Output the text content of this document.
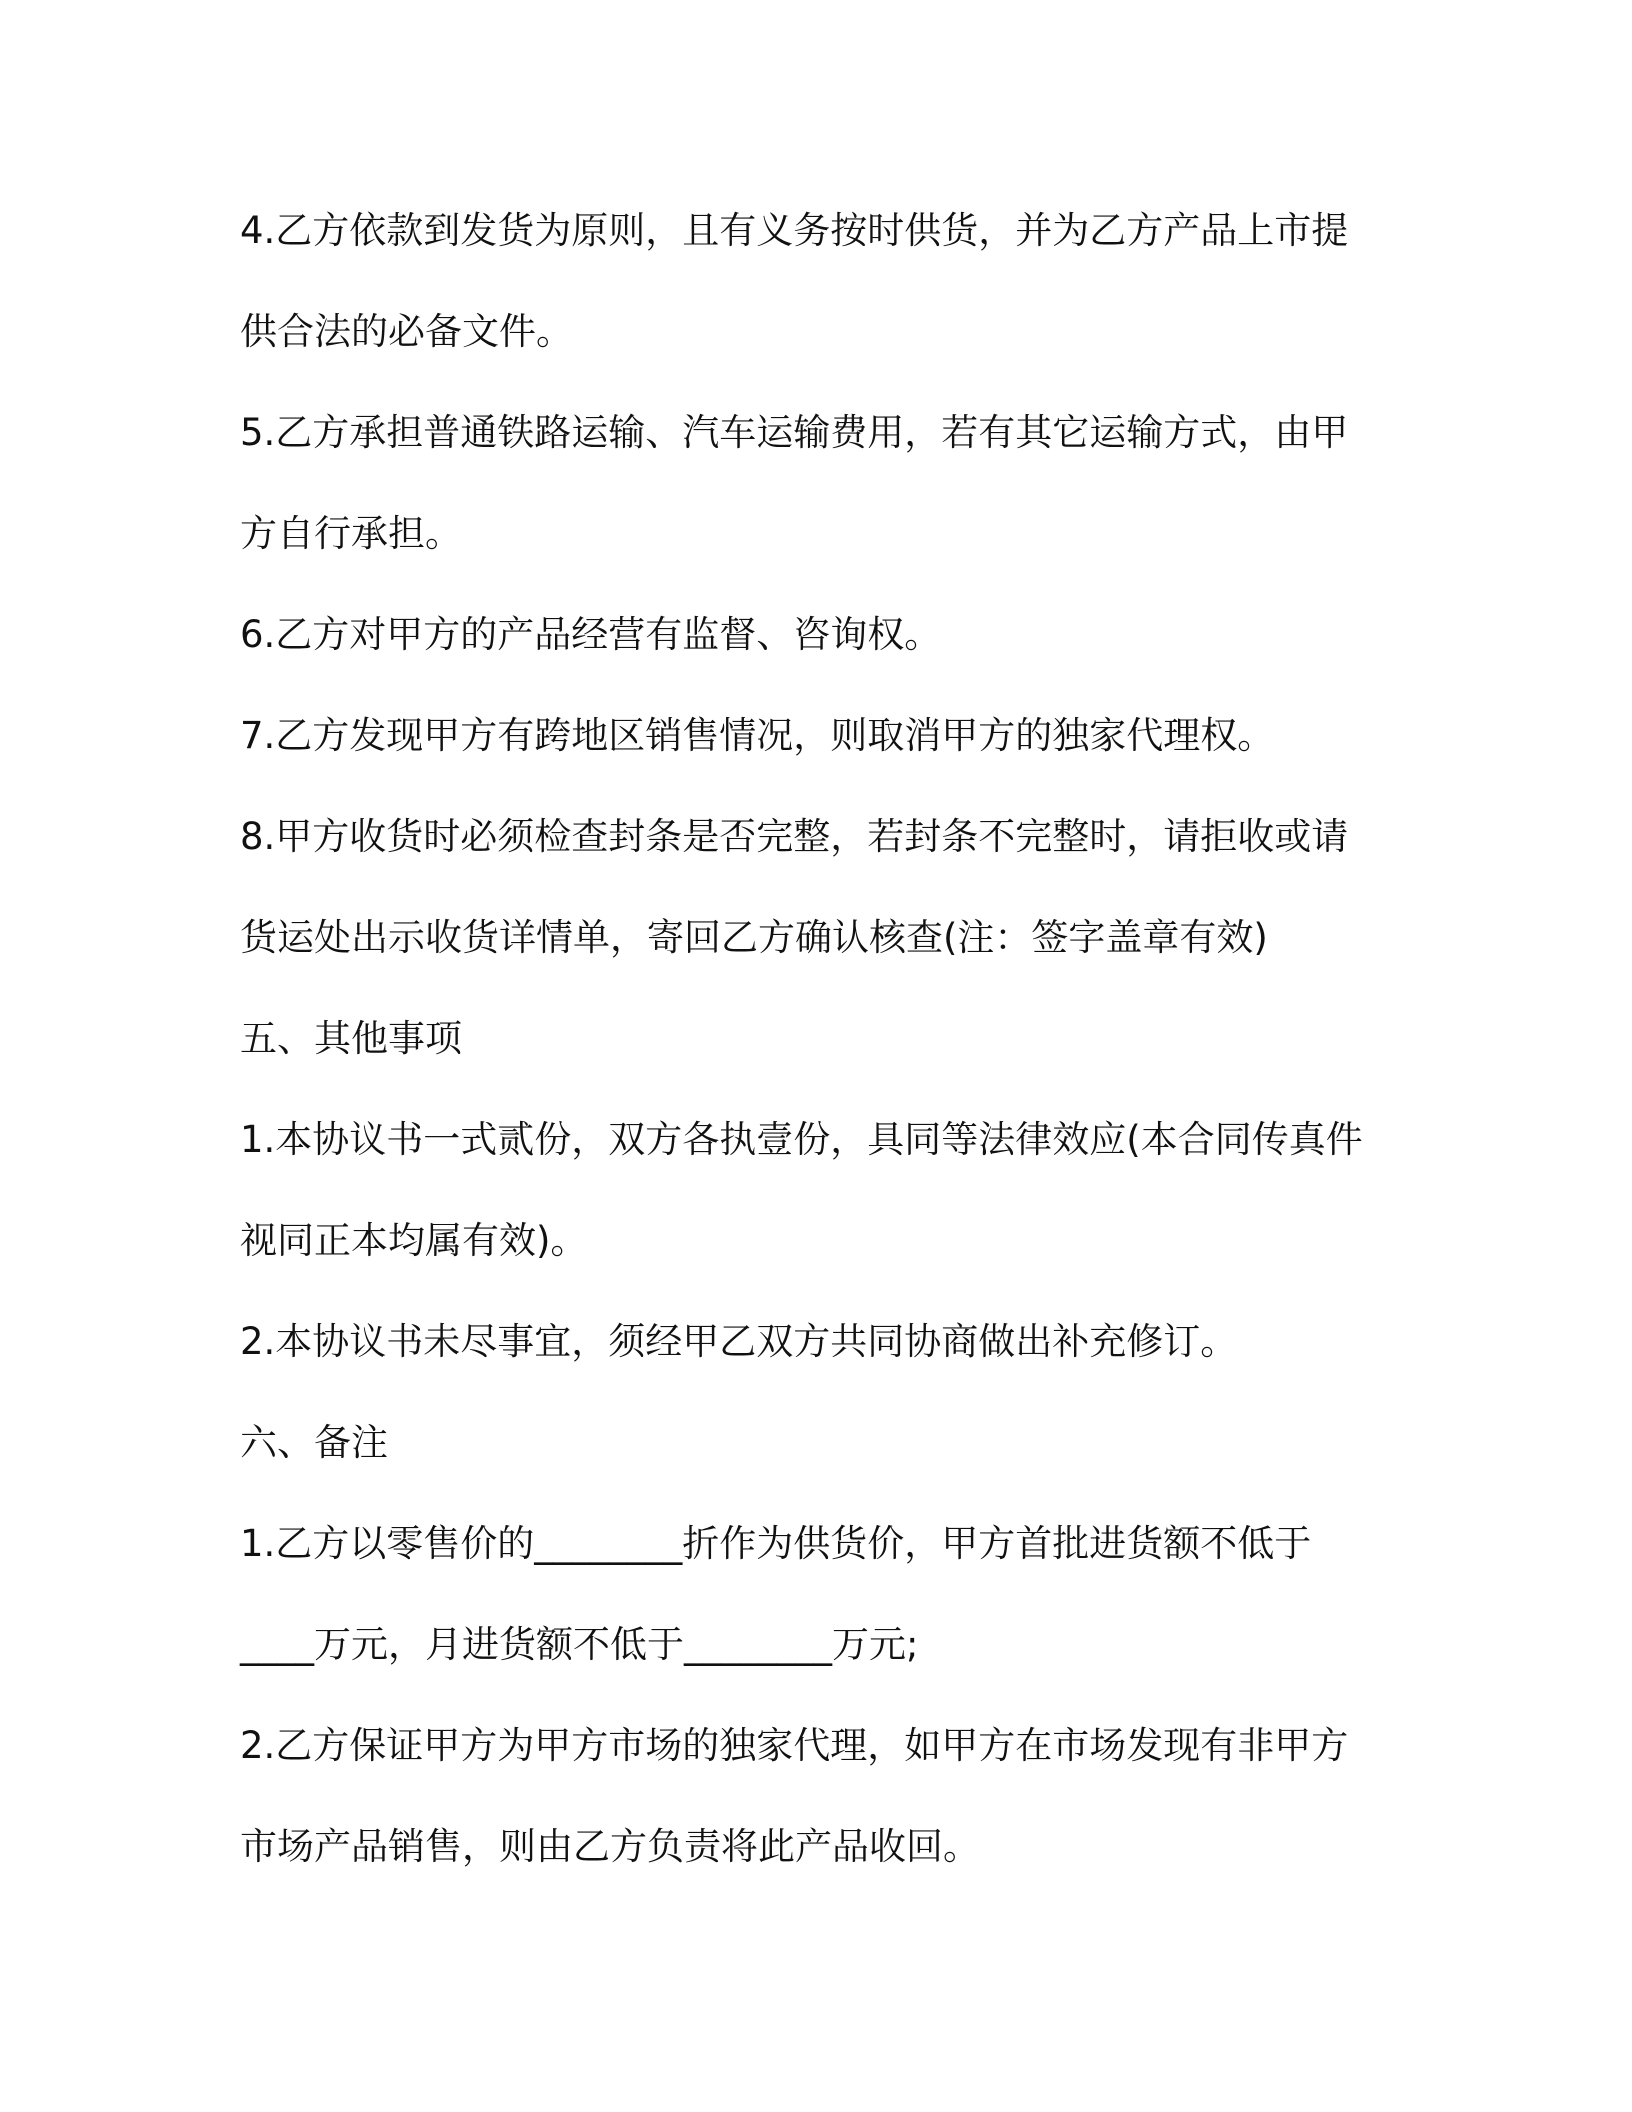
4.乙方依款到发货为原则，且有义务按时供货，并为乙方产品上市提

供合法的必备文件。

5.乙方承担普通铁路运输、汽车运输费用，若有其它运输方式，由甲

方自行承担。

6.乙方对甲方的产品经营有监督、咨询权。

7.乙方发现甲方有跨地区销售情况，则取消甲方的独家代理权。

8.甲方收货时必须检查封条是否完整，若封条不完整时，请拒收或请

货运处出示收货详情单，寄回乙方确认核查(注：签字盖章有效)

五、其他事项

1.本协议书一式贰份，双方各执壹份，具同等法律效应(本合同传真件

视同正本均属有效)。

2.本协议书未尽事宜，须经甲乙双方共同协商做出补充修订。

六、备注

1.乙方以零售价的________折作为供货价，甲方首批进货额不低于

____万元，月进货额不低于________万元;

2.乙方保证甲方为甲方市场的独家代理，如甲方在市场发现有非甲方

市场产品销售，则由乙方负责将此产品收回。
